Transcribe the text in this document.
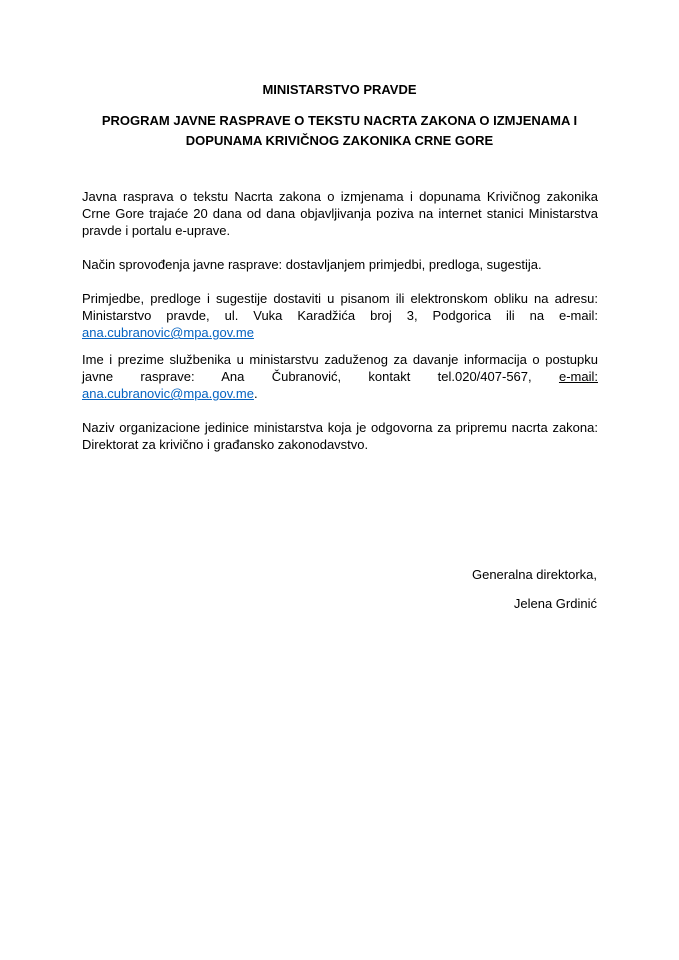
MINISTARSTVO PRAVDE
PROGRAM JAVNE RASPRAVE O TEKSTU NACRTA ZAKONA O IZMJENAMA I
DOPUNAMA KRIVIČNOG ZAKONIKA CRNE GORE
Javna rasprava o tekstu Nacrta zakona o izmjenama i dopunama Krivičnog zakonika Crne Gore trajaće 20 dana od dana objavljivanja poziva na internet stanici Ministarstva pravde i portalu e-uprave.
Način sprovođenja javne rasprave: dostavljanjem primjedbi, predloga, sugestija.
Primjedbe, predloge i sugestije dostaviti u pisanom ili elektronskom obliku na adresu: Ministarstvo pravde, ul. Vuka Karadžića broj 3, Podgorica ili na e-mail: ana.cubranovic@mpa.gov.me
Ime i prezime službenika u ministarstvu zaduženog za davanje informacija o postupku javne rasprave: Ana Čubranović, kontakt tel.020/407-567, e-mail: ana.cubranovic@mpa.gov.me.
Naziv organizacione jedinice ministarstva koja je odgovorna za pripremu nacrta zakona: Direktorat za krivično i građansko zakonodavstvo.
Generalna direktorka,
Jelena Grdinić
